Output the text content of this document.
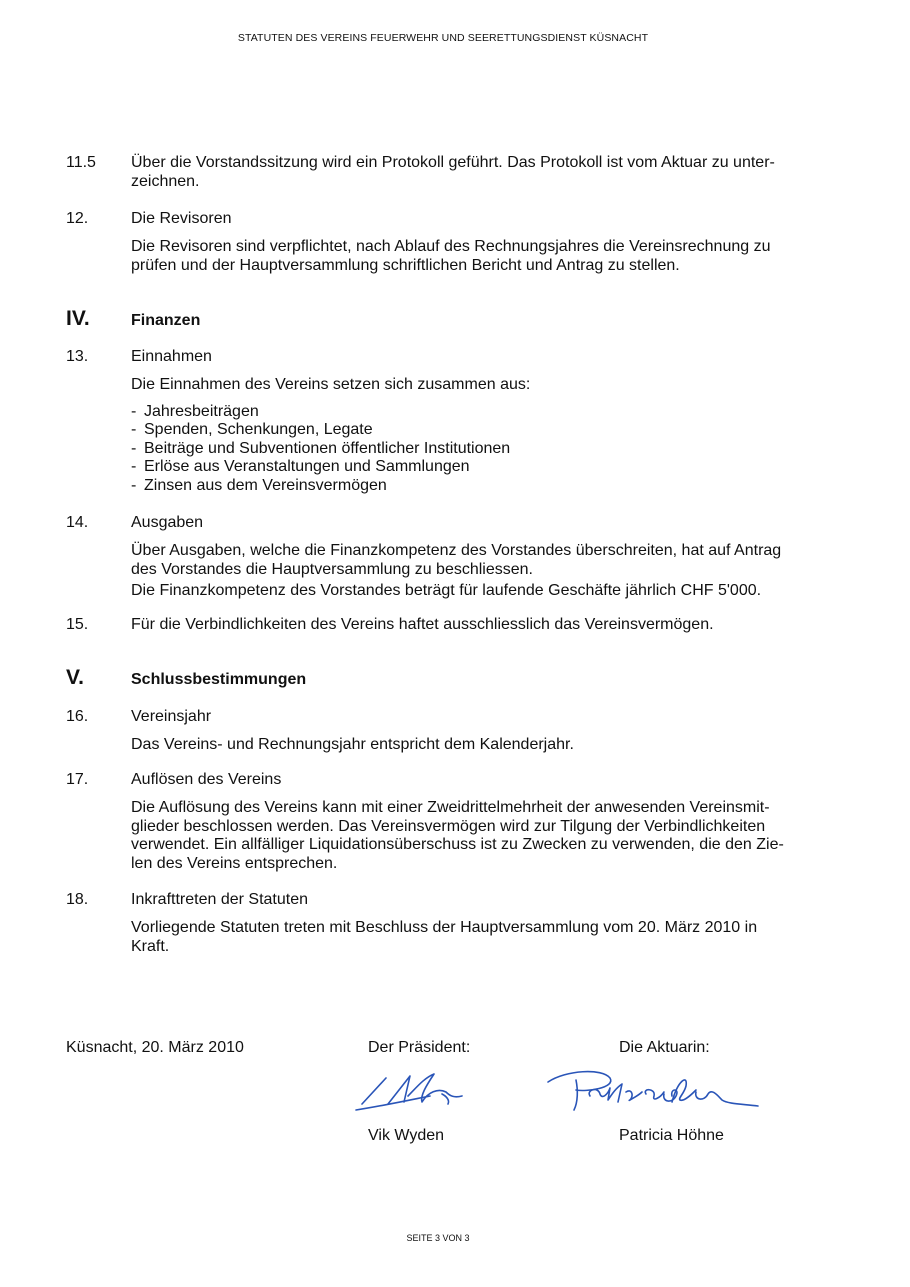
STATUTEN DES VEREINS FEUERWEHR UND SEERETTUNGSDIENST KÜSNACHT
11.5 Über die Vorstandssitzung wird ein Protokoll geführt. Das Protokoll ist vom Aktuar zu unter-
zeichnen.
12.	Die Revisoren
Die Revisoren sind verpflichtet, nach Ablauf des Rechnungsjahres die Vereinsrechnung zu
prüfen und der Hauptversammlung schriftlichen Bericht und Antrag zu stellen.
IV.	Finanzen
13.	Einnahmen
Die Einnahmen des Vereins setzen sich zusammen aus:
- Jahresbeiträgen
- Spenden, Schenkungen, Legate
- Beiträge und Subventionen öffentlicher Institutionen
- Erlöse aus Veranstaltungen und Sammlungen
- Zinsen aus dem Vereinsvermögen
14.	Ausgaben
Über Ausgaben, welche die Finanzkompetenz des Vorstandes überschreiten, hat auf Antrag
des Vorstandes die Hauptversammlung zu beschliessen.
Die Finanzkompetenz des Vorstandes beträgt für laufende Geschäfte jährlich CHF 5'000.
15.	Für die Verbindlichkeiten des Vereins haftet ausschliesslich das Vereinsvermögen.
V.	Schlussbestimmungen
16.	Vereinsjahr
Das Vereins- und Rechnungsjahr entspricht dem Kalenderjahr.
17.	Auflösen des Vereins
Die Auflösung des Vereins kann mit einer Zweidrittelmehrheit der anwesenden Vereinsmit-
glieder beschlossen werden. Das Vereinsvermögen wird zur Tilgung der Verbindlichkeiten
verwendet. Ein allfälliger Liquidationsüberschuss ist zu Zwecken zu verwenden, die den Zie-
len des Vereins entsprechen.
18.	Inkrafttreten der Statuten
Vorliegende Statuten treten mit Beschluss der Hauptversammlung vom 20. März 2010 in
Kraft.
Küsnacht, 20. März 2010	Der Präsident:	Die Aktuarin:
Vik Wyden	Patricia Höhne
SEITE 3 VON 3
